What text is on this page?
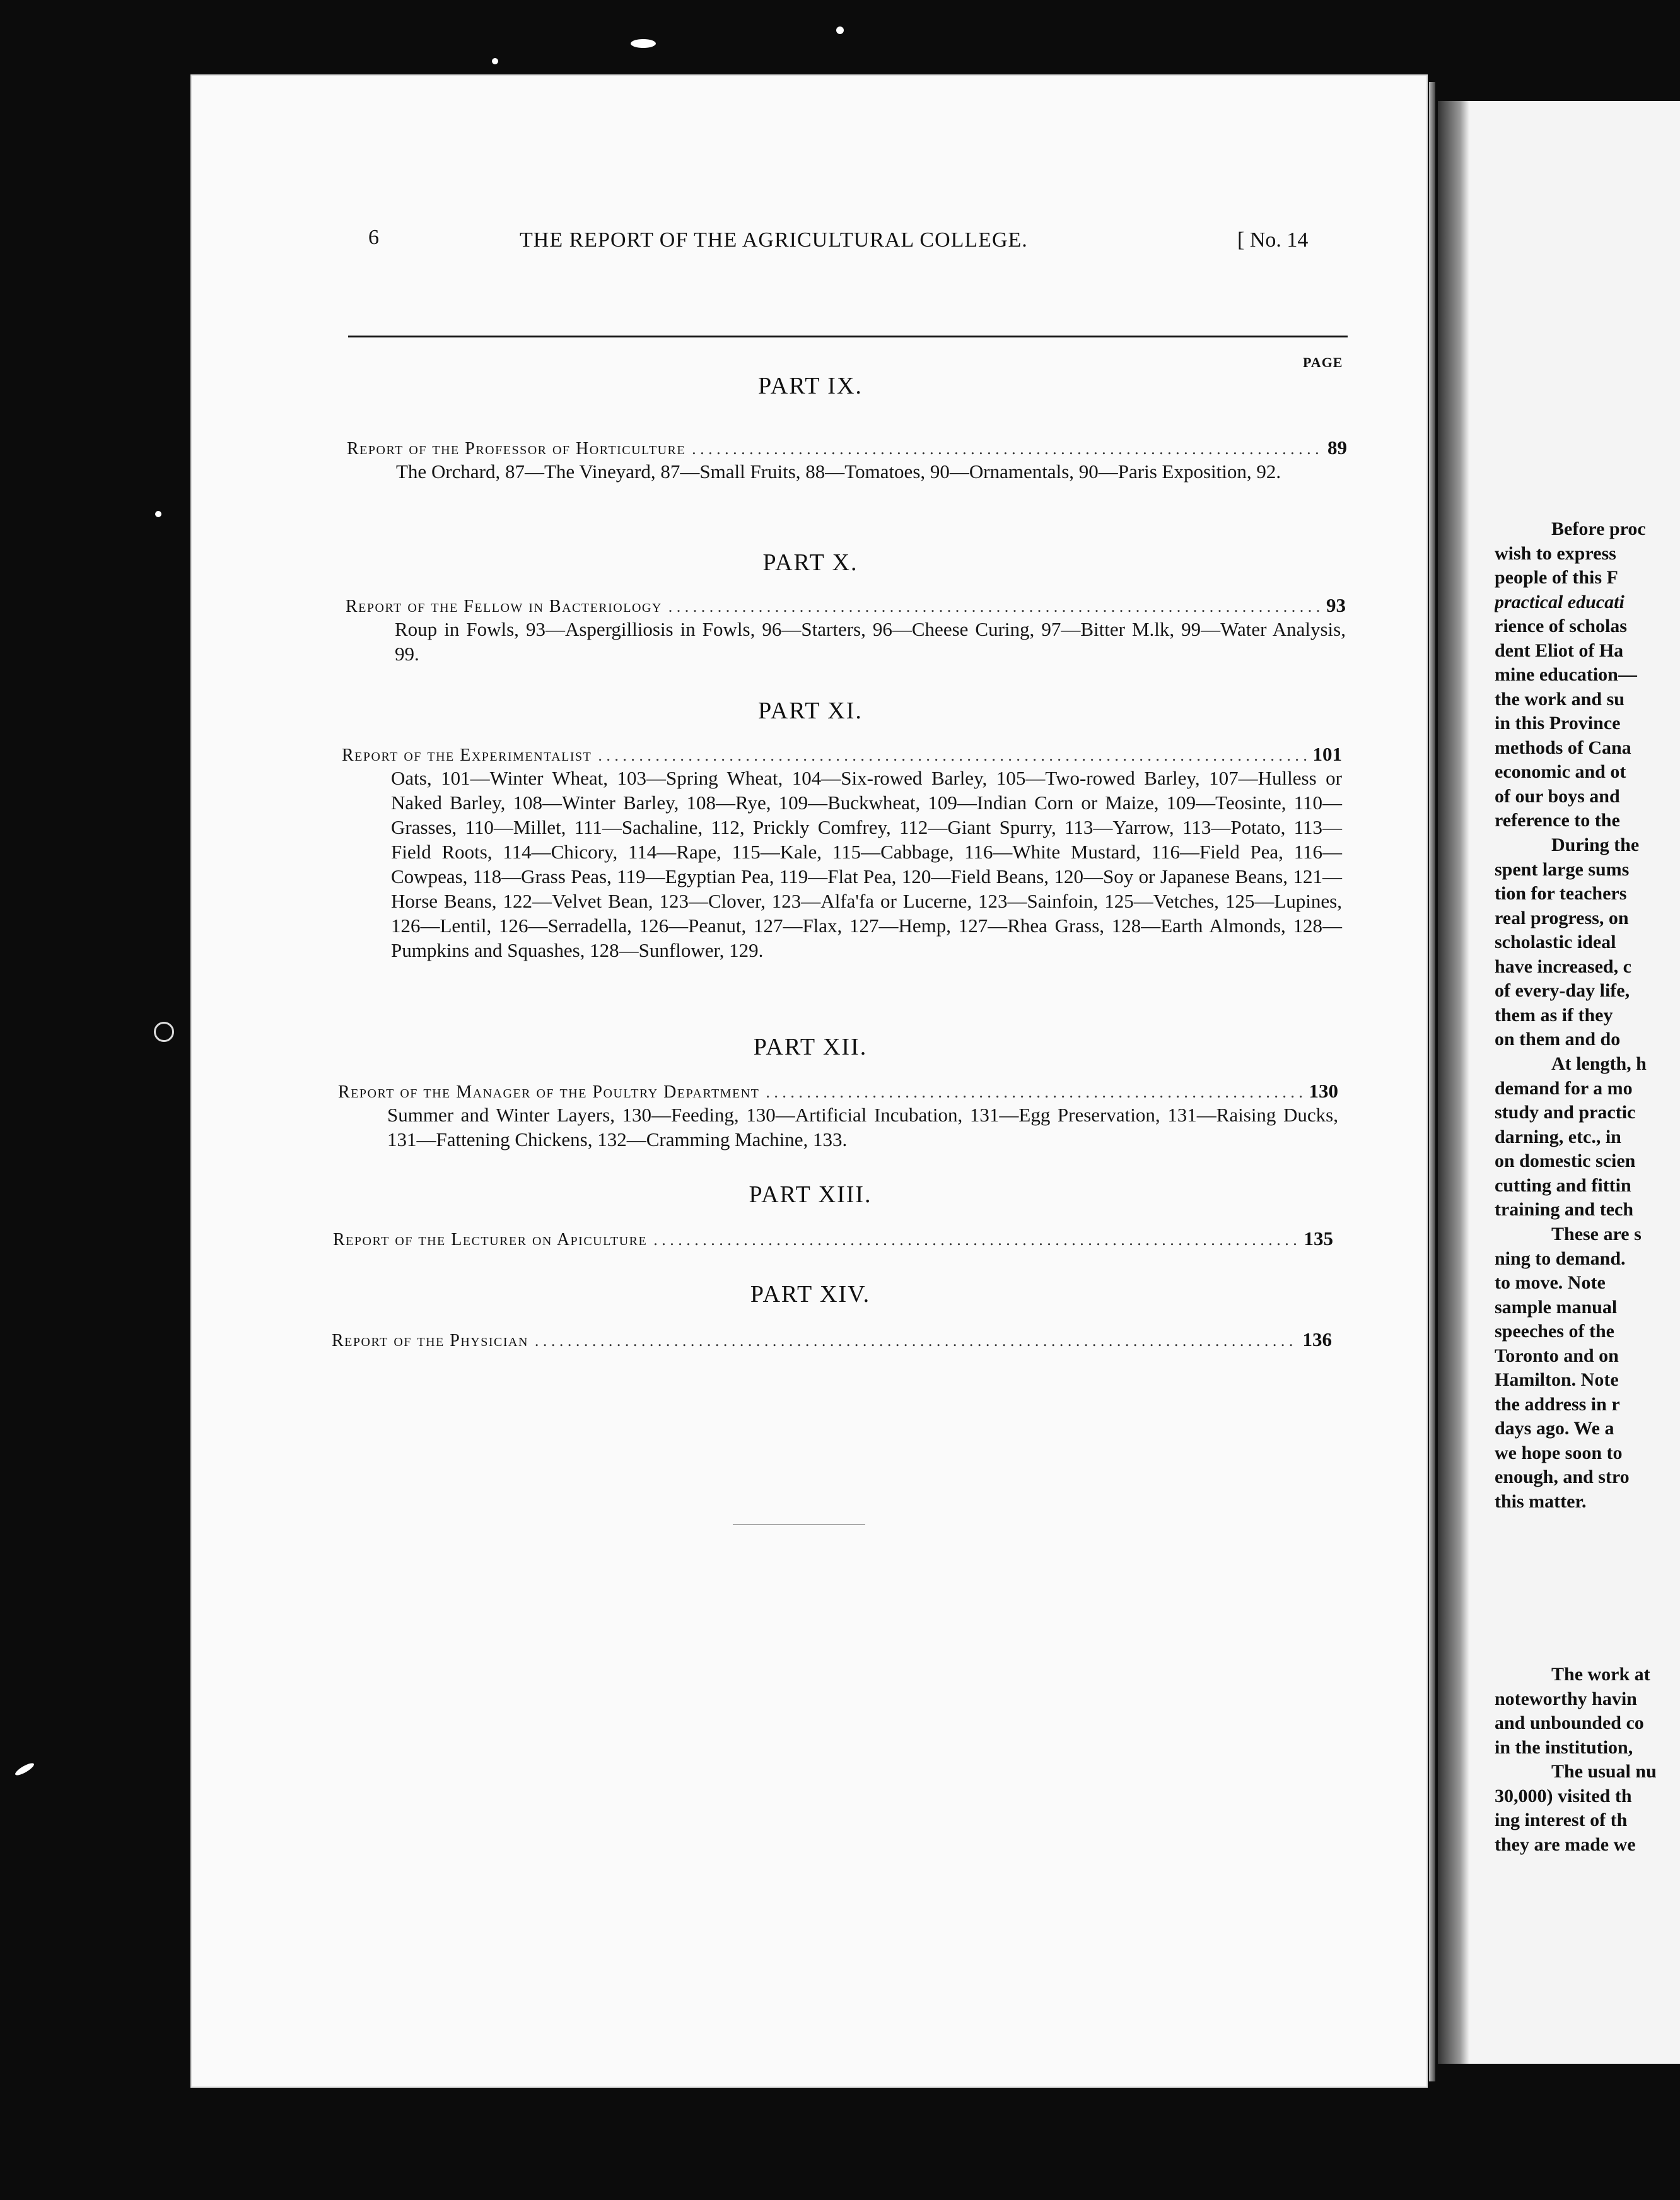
6	THE REPORT OF THE AGRICULTURAL COLLEGE.	[ No. 14
PART IX.
PAGE
Report of the Professor of Horticulture . . .	89
The Orchard, 87—The Vineyard, 87—Small Fruits, 88—Tomatoes, 90—Ornamentals, 90—Paris Exposition, 92.
PART X.
Report of the Fellow in Bacteriology . . .	93
Roup in Fowls, 93—Aspergilliosis in Fowls, 96—Starters, 96—Cheese Curing, 97—Bitter M.lk, 99—Water Analysis, 99.
PART XI.
Report of the Experimentalist . . .	101
Oats, 101—Winter Wheat, 103—Spring Wheat, 104—Six-rowed Barley, 105—Two-rowed Barley, 107—Hulless or Naked Barley, 108—Winter Barley, 108—Rye, 109—Buckwheat, 109—Indian Corn or Maize, 109—Teosinte, 110—Grasses, 110—Millet, 111—Sachaline, 112, Prickly Comfrey, 112—Giant Spurry, 113—Yarrow, 113—Potato, 113—Field Roots, 114—Chicory, 114—Rape, 115—Kale, 115—Cabbage, 116—White Mustard, 116—Field Pea, 116—Cowpeas, 118—Grass Peas, 119—Egyptian Pea, 119—Flat Pea, 120—Field Beans, 120—Soy or Japanese Beans, 121—Horse Beans, 122—Velvet Bean, 123—Clover, 123—Alfa'fa or Lucerne, 123—Sainfoin, 125—Vetches, 125—Lupines, 126—Lentil, 126—Serradella, 126—Peanut, 127—Flax, 127—Hemp, 127—Rhea Grass, 128—Earth Almonds, 128—Pumpkins and Squashes, 128—Sunflower, 129.
PART XII.
Report of the Manager of the Poultry Department . . .	130
Summer and Winter Layers, 130—Feeding, 130—Artificial Incubation, 131—Egg Preservation, 131—Raising Ducks, 131—Fattening Chickens, 132—Cramming Machine, 133.
PART XIII.
Report of the Lecturer on Apiculture . . .	135
PART XIV.
Report of the Physician . . .	136
Before proc
wish to express
people of this F
practical educati
rience of scholas
dent Eliot of Ha
mine education—
the work and su
in this Province
methods of Cana
economic and ot
of our boys and
reference to the
During the
spent large sums
tion for teachers
real progress, on
scholastic ideal
have increased, c
of every-day life,
them as if they
on them and do
At length, h
demand for a mo
study and practic
darning, etc., in
on domestic scien
cutting and fittin
training and tech
These are s
ning to demand.
to move. Note
sample manual
speeches of the
Toronto and on
Hamilton. Note
the address in r
days ago. We a
we hope soon to
enough, and stro
this matter.
The work at
noteworthy havin
and unbounded co
in the institution,
The usual nu
30,000) visited th
ing interest of th
they are made we
